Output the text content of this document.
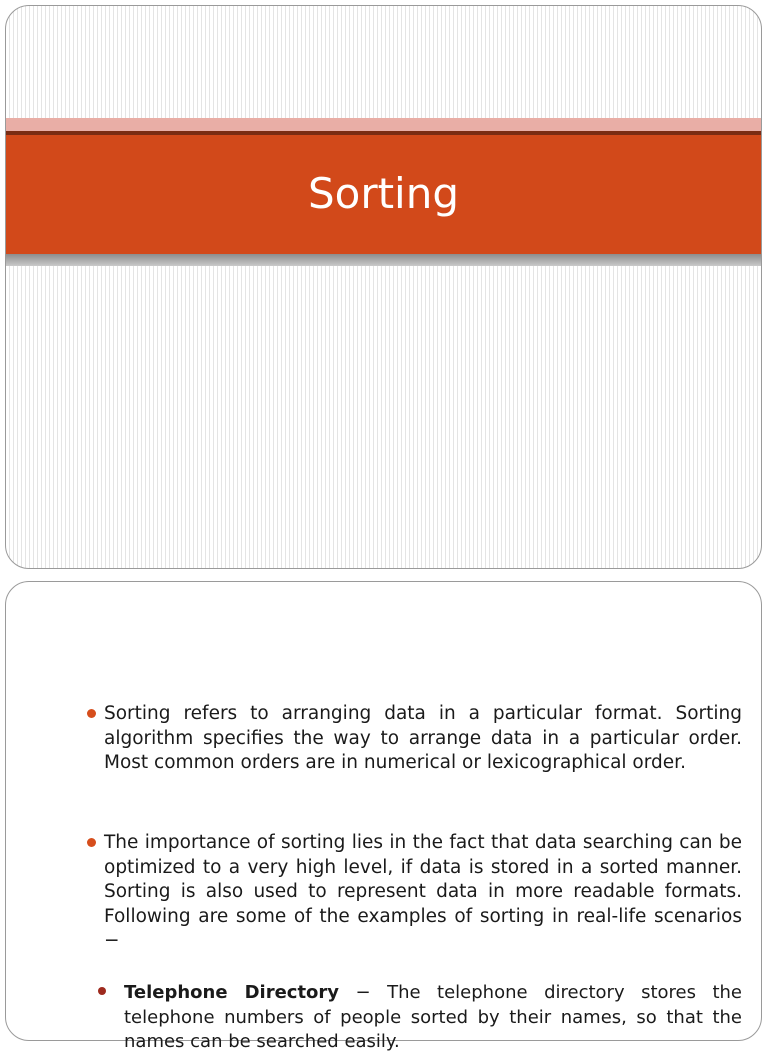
Sorting
Sorting refers to arranging data in a particular format. Sorting algorithm specifies the way to arrange data in a particular order. Most common orders are in numerical or lexicographical order.
The importance of sorting lies in the fact that data searching can be optimized to a very high level, if data is stored in a sorted manner. Sorting is also used to represent data in more readable formats. Following are some of the examples of sorting in real-life scenarios −
Telephone Directory − The telephone directory stores the telephone numbers of people sorted by their names, so that the names can be searched easily.
